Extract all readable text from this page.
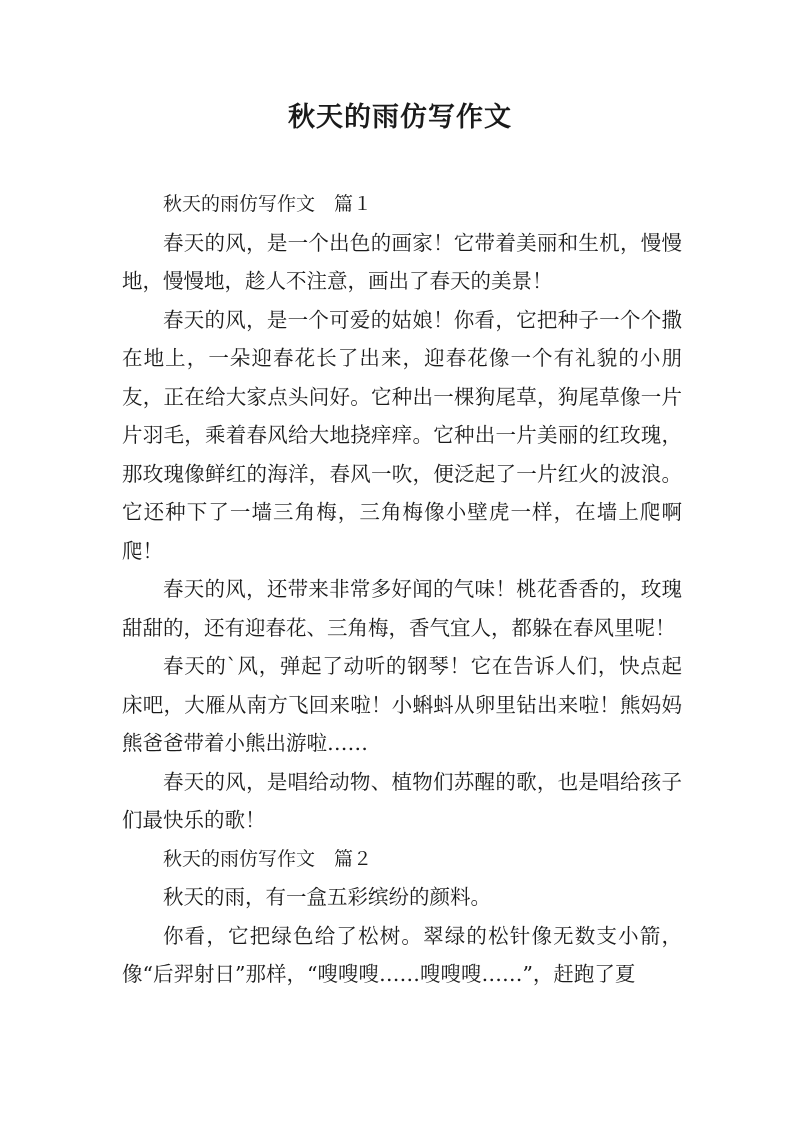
秋天的雨仿写作文

秋天的雨仿写作文　篇１

春天的风，是一个出色的画家！它带着美丽和生机，慢慢地，慢慢地，趁人不注意，画出了春天的美景！

春天的风，是一个可爱的姑娘！你看，它把种子一个个撒在地上，一朵迎春花长了出来，迎春花像一个有礼貌的小朋友，正在给大家点头问好。它种出一棵狗尾草，狗尾草像一片片羽毛，乘着春风给大地挠痒痒。它种出一片美丽的红玫瑰，那玫瑰像鲜红的海洋，春风一吹，便泛起了一片红火的波浪。它还种下了一墙三角梅，三角梅像小壁虎一样，在墙上爬啊爬！

春天的风，还带来非常多好闻的气味！桃花香香的，玫瑰甜甜的，还有迎春花、三角梅，香气宜人，都躲在春风里呢！

春天的`风，弹起了动听的钢琴！它在告诉人们，快点起床吧，大雁从南方飞回来啦！小蝌蚪从卵里钻出来啦！熊妈妈熊爸爸带着小熊出游啦……

春天的风，是唱给动物、植物们苏醒的歌，也是唱给孩子们最快乐的歌！

秋天的雨仿写作文　篇２

秋天的雨，有一盒五彩缤纷的颜料。

你看，它把绿色给了松树。翠绿的松针像无数支小箭，像“后羿射日”那样，“嗖嗖嗖……嗖嗖嗖……”，赶跑了夏
